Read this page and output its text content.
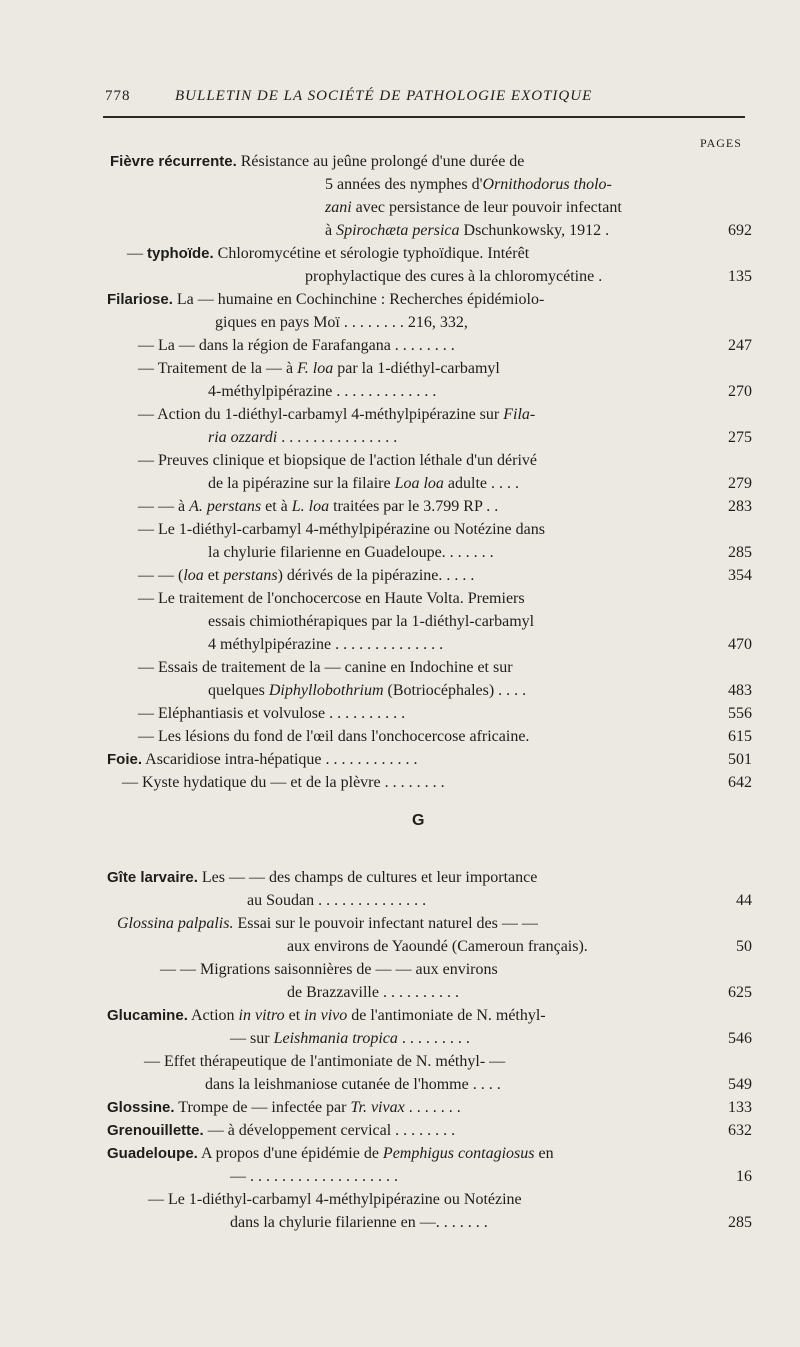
778	BULLETIN DE LA SOCIÉTÉ DE PATHOLOGIE EXOTIQUE
PAGES
Fièvre récurrente. Résistance au jeûne prolongé d'une durée de
5 années des nymphes d'Ornithodorus tholo-
zani avec persistance de leur pouvoir infectant
à Spirochæta persica Dschunkowsky, 1912 .	692
— typhoïde. Chloromycétine et sérologie typhoïdique. Intérêt
prophylactique des cures à la chloromycétine .	135
Filariose. La — humaine en Cochinchine : Recherches épidémiolo-
giques en pays Moï . . . . . . . . 216, 332,
— La — dans la région de Farafangana . . . . . . . .	247
— Traitement de la — à F. loa par la 1-diéthyl-carbamyl
4-méthylpipérazine . . . . . . . . . . . . .	270
— Action du 1-diéthyl-carbamyl 4-méthylpipérazine sur Fila-
ria ozzardi . . . . . . . . . . . . . . .	275
— Preuves clinique et biopsique de l'action léthale d'un dérivé
de la pipérazine sur la filaire Loa loa adulte . . . .	279
— — à A. perstans et à L. loa traitées par le 3.799 RP . .	283
— Le 1-diéthyl-carbamyl 4-méthylpipérazine ou Notézine dans
la chylurie filarienne en Guadeloupe. . . . . . .	285
— — (loa et perstans) dérivés de la pipérazine. . . . .	354
— Le traitement de l'onchocercose en Haute Volta. Premiers
essais chimiothérapiques par la 1-diéthyl-carbamyl
4 méthylpipérazine . . . . . . . . . . . . . .	470
— Essais de traitement de la — canine en Indochine et sur
quelques Diphyllobothrium (Botriocéphales) . . . .	483
— Eléphantiasis et volvulose . . . . . . . . . .	556
— Les lésions du fond de l'œil dans l'onchocercose africaine.	615
Foie. Ascaridiose intra-hépatique . . . . . . . . . . . .	501
— Kyste hydatique du — et de la plèvre . . . . . . . .	642
G
Gîte larvaire. Les — — des champs de cultures et leur importance
au Soudan . . . . . . . . . . . . . .	44
Glossina palpalis. Essai sur le pouvoir infectant naturel des — —
aux environs de Yaoundé (Cameroun français).	50
— — Migrations saisonnières de — — aux environs
de Brazzaville . . . . . . . . . .	625
Glucamine. Action in vitro et in vivo de l'antimoniate de N. méthyl-
— sur Leishmania tropica . . . . . . . . .	546
— Effet thérapeutique de l'antimoniate de N. méthyl- —
dans la leishmaniose cutanée de l'homme . . . .	549
Glossine. Trompe de — infectée par Tr. vivax . . . . . . .	133
Grenouillette. — à développement cervical . . . . . . . .	632
Guadeloupe. A propos d'une épidémie de Pemphigus contagiosus en
— . . . . . . . . . . . . . . . . . . .	16
— Le 1-diéthyl-carbamyl 4-méthylpipérazine ou Notézine
dans la chylurie filarienne en —. . . . . . .	285
